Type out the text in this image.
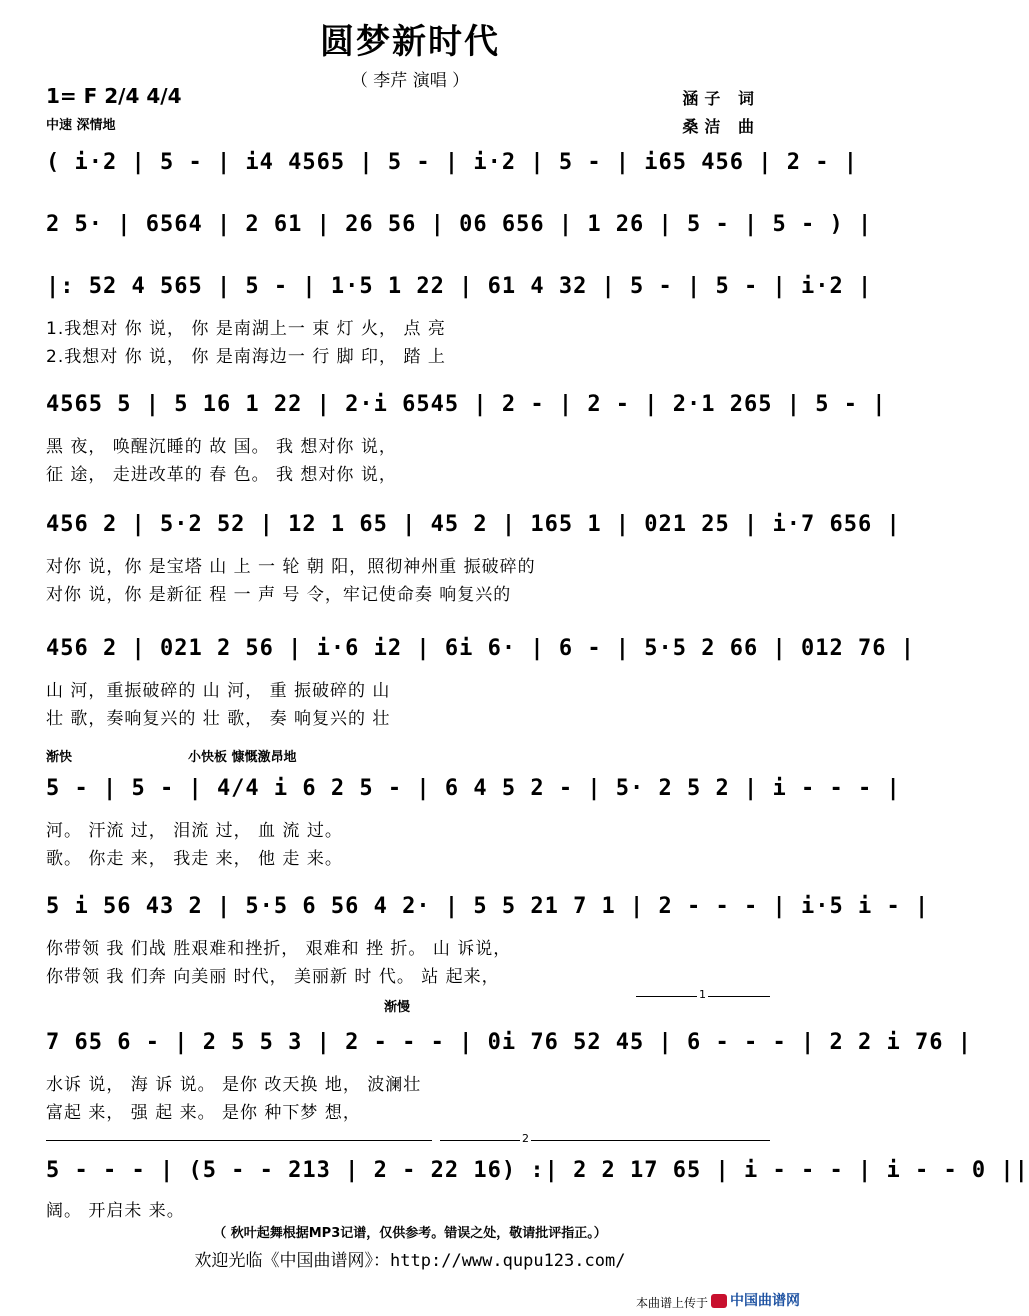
圆梦新时代
（ 李芹 演唱 ）
1= F 2/4 4/4
中速 深情地
涵子 词
桑洁 曲
( i·2 | 5 - | i4 4565 | 5 - | i·2 | 5 - | i65 456 | 2 - |
2 5· | 6564 | 2 61 | 26 56 | 06 656 | 1 26 | 5 - | 5 - ) |
|: 52 4 565 | 5 - | 1·5 1 22 | 61 4 32 | 5 - | 5 - | i·2 |
1.我想对 你 说， 你 是南湖上一 束 灯 火， 点 亮
2.我想对 你 说， 你 是南海边一 行 脚 印， 踏 上
4565 5 | 5 16 1 22 | 2·i 6545 | 2 - | 2 - | 2·1 265 | 5 - |
黑 夜， 唤醒沉睡的 故 国。 我 想对你 说，
征 途， 走进改革的 春 色。 我 想对你 说，
456 2 | 5·2 52 | 12 1 65 | 45 2 | 165 1 | 021 25 | i·7 656 |
对你 说，你 是宝塔 山 上 一 轮 朝 阳，照彻神州重 振破碎的
对你 说，你 是新征 程 一 声 号 令，牢记使命奏 响复兴的
456 2 | 021 2 56 | i·6 i2 | 6i 6· | 6 - | 5·5 2 66 | 012 76 |
山 河，重振破碎的 山 河， 重 振破碎的 山
壮 歌，奏响复兴的 壮 歌， 奏 响复兴的 壮
渐快	小快板 慷慨激昂地
5 - | 5 - | 4/4 i 6 2 5 - | 6 4 5 2 - | 5· 2 5 2 | i - - - |
河。 汗流 过， 泪流 过， 血 流 过。
歌。 你走 来， 我走 来， 他 走 来。
5 i 56 43 2 | 5·5 6 56 4 2· | 5 5 21 7 1 | 2 - - - | i·5 i - |
你带领 我 们战 胜艰难和挫折， 艰难和 挫 折。 山 诉说，
你带领 我 们奔 向美丽 时代， 美丽新 时 代。 站 起来，
渐慢
1
7 65 6 - | 2 5 5 3 | 2 - - - | 0i 76 52 45 | 6 - - - | 2 2 i 76 |
水诉 说， 海 诉 说。 是你 改天换 地， 波澜壮
富起 来， 强 起 来。 是你 种下梦 想，
2
5 - - - | (5 - - 213 | 2 - 22 16) :| 2 2 17 65 | i - - - | i - - 0 ||
阔。 开启未 来。
（ 秋叶起舞根据MP3记谱，仅供参考。错误之处，敬请批评指正。）
欢迎光临《中国曲谱网》：http://www.qupu123.com/
本曲谱上传于	中国曲谱网
